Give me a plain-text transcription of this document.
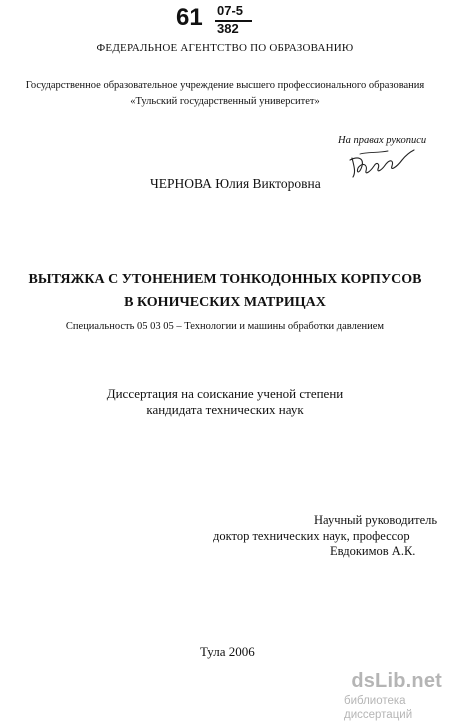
61 07-5
382
ФЕДЕРАЛЬНОЕ АГЕНТСТВО ПО ОБРАЗОВАНИЮ
Государственное образовательное учреждение высшего профессионального образования
«Тульский государственный университет»
На правах рукописи
ЧЕРНОВА Юлия Викторовна
ВЫТЯЖКА С УТОНЕНИЕМ ТОНКОДОННЫХ КОРПУСОВ
В КОНИЧЕСКИХ МАТРИЦАХ
Специальность 05 03 05 – Технологии и машины обработки давлением
Диссертация на соискание ученой степени
кандидата технических наук
Научный руководитель
доктор технических наук, профессор
Евдокимов А.К.
Тула 2006
dsLib.net
библиотека диссертаций
